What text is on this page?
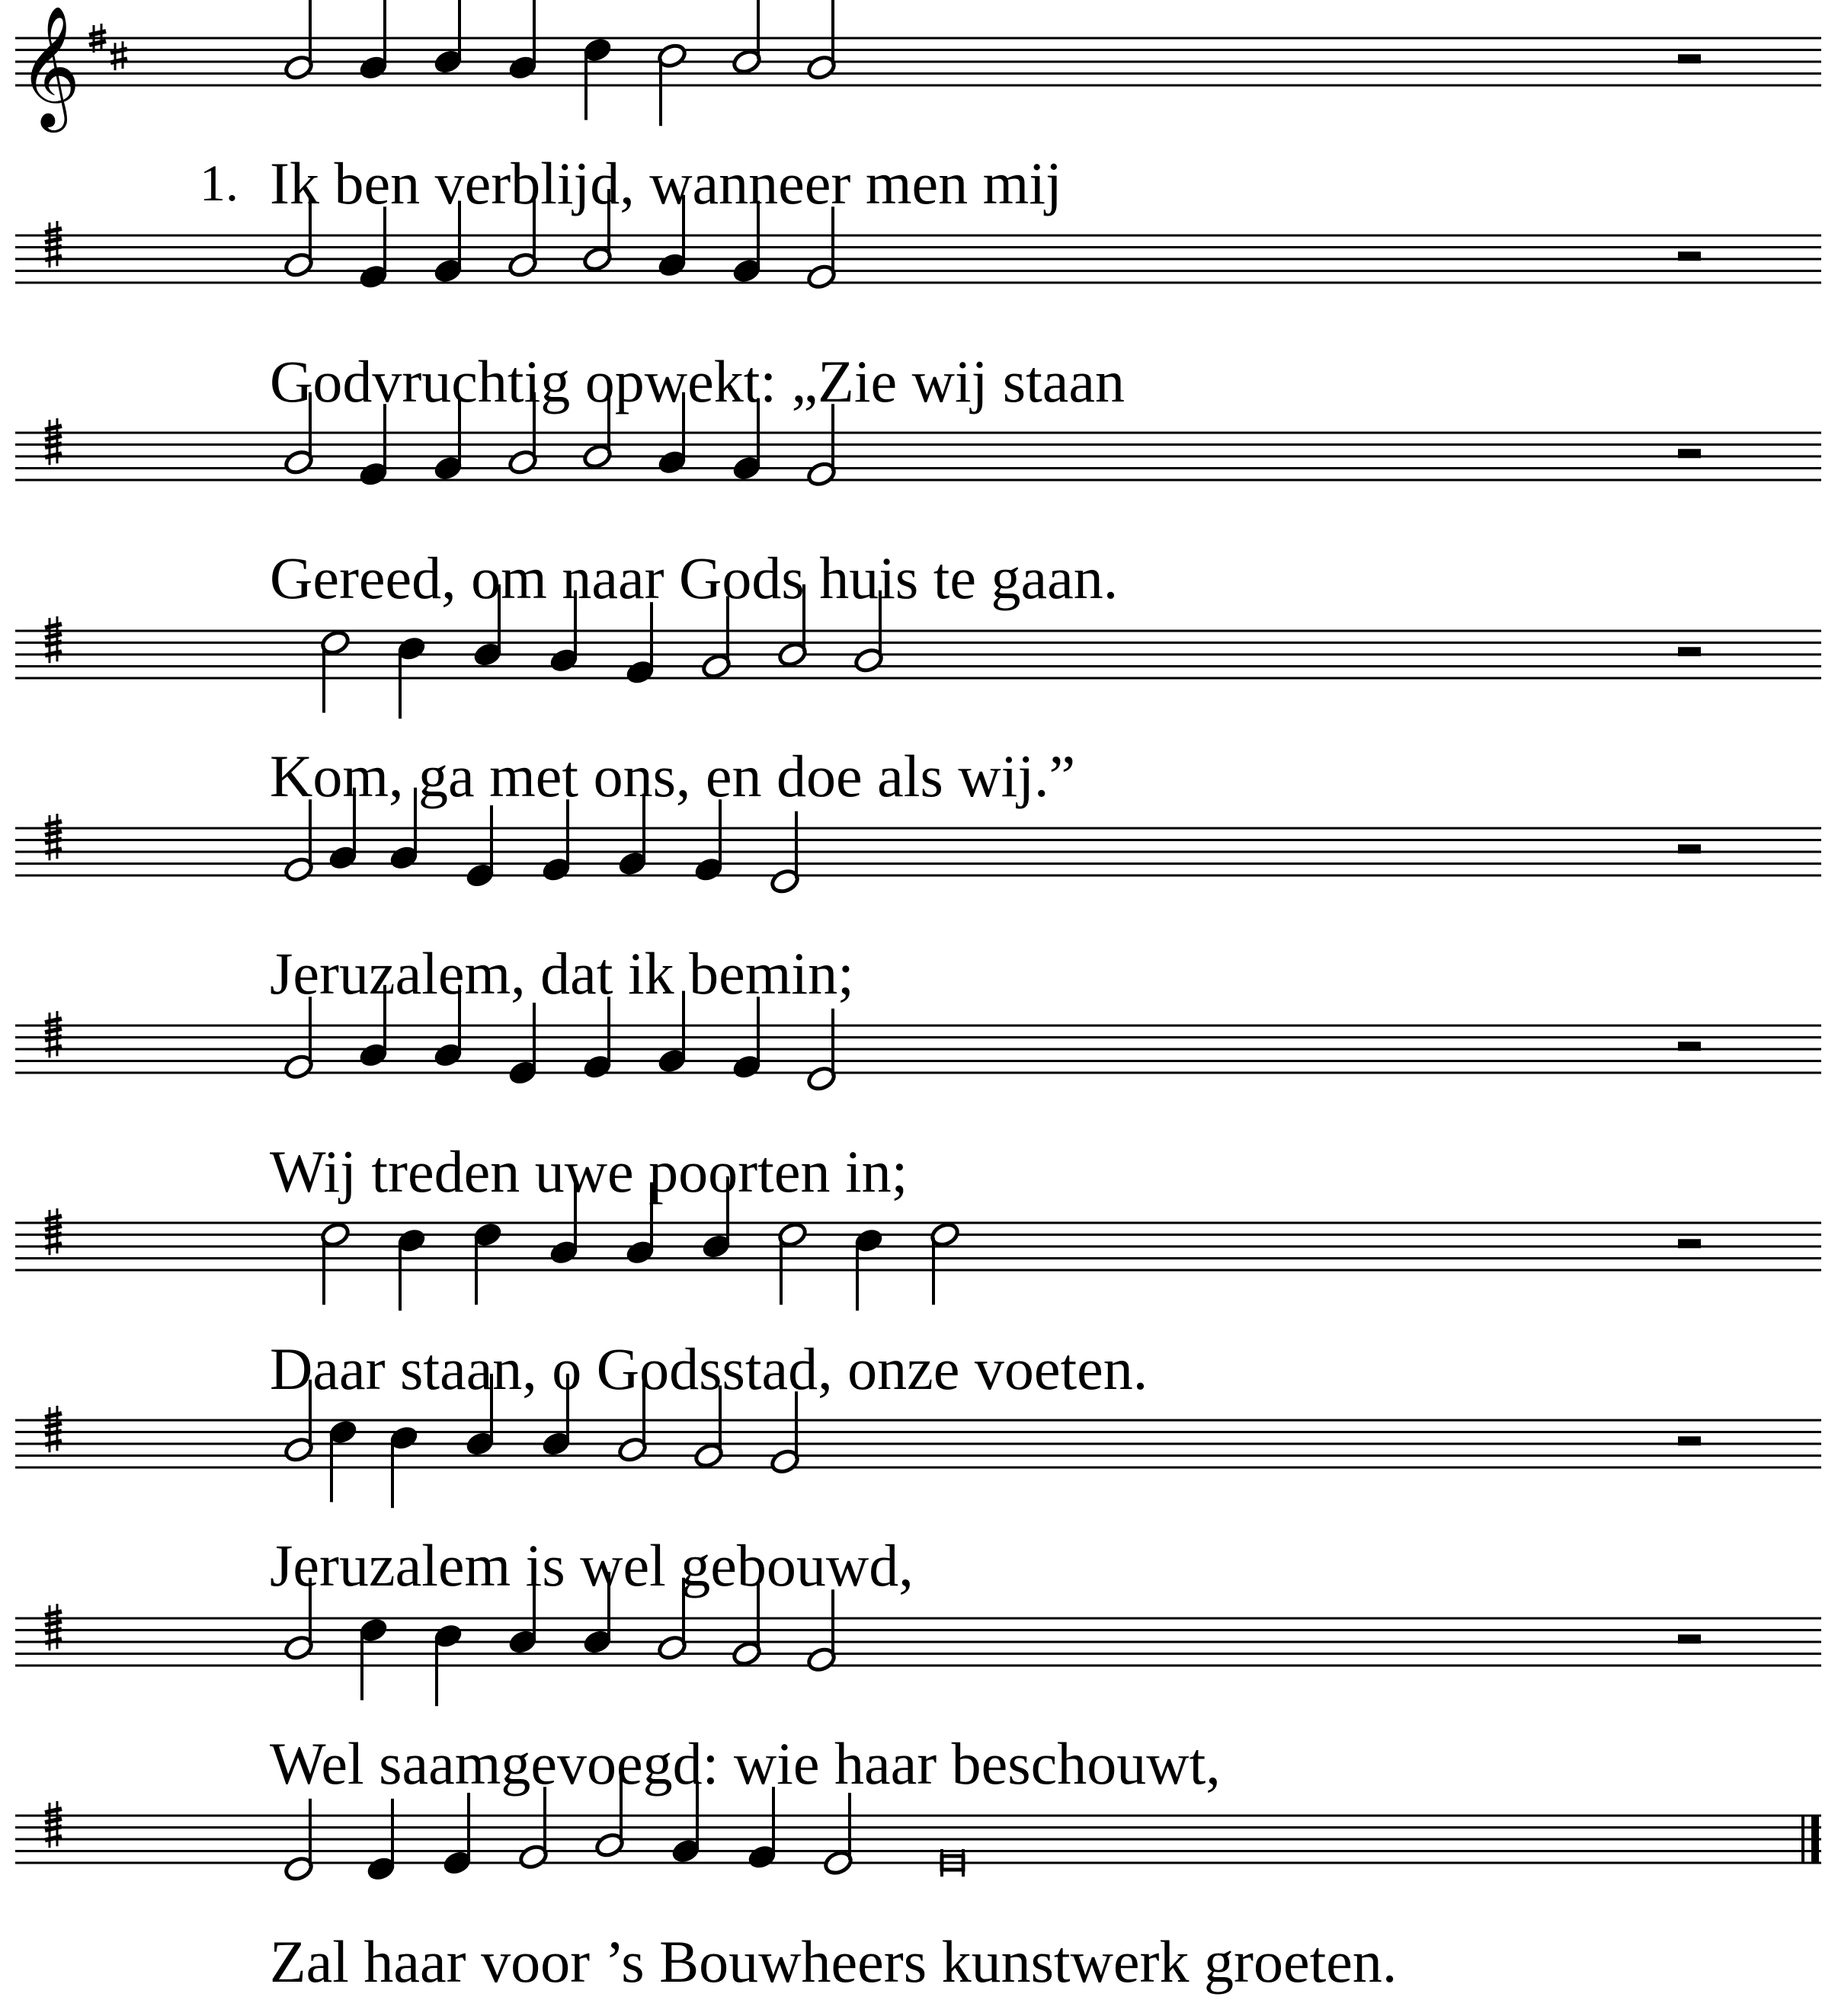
𝄞
1. Ik ben verblijd, wanneer men mij
Godvruchtig opwekt: „Zie wij staan
Gereed, om naar Gods huis te gaan.
Kom, ga met ons, en doe als wij.”
Jeruzalem, dat ik bemin;
Wij treden uwe poorten in;
Daar staan, o Godsstad, onze voeten.
Jeruzalem is wel gebouwd,
Wel saamgevoegd: wie haar beschouwt,
Zal haar voor ’s Bouwheers kunstwerk groeten.
